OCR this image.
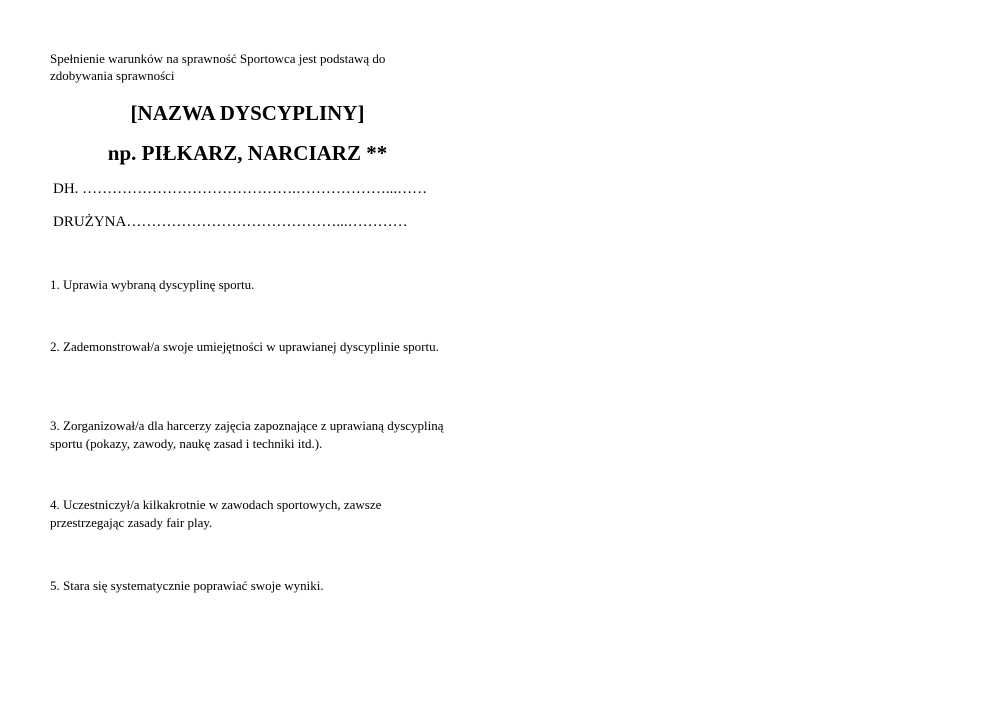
Spełnienie warunków na sprawność Sportowca jest podstawą do zdobywania sprawności
[NAZWA DYSCYPLINY]
np. PIŁKARZ, NARCIARZ **
DH. …………………………………….………………...……
DRUŻYNA……………………………………...…………
1. Uprawia wybraną dyscyplinę sportu.
2. Zademonstrował/a swoje umiejętności w uprawianej dyscyplinie sportu.
3. Zorganizował/a dla harcerzy zajęcia zapoznające z uprawianą dyscypliną sportu (pokazy, zawody, naukę zasad i techniki itd.).
4. Uczestniczył/a kilkakrotnie w zawodach sportowych, zawsze przestrzegając zasady fair play.
5. Stara się systematycznie poprawiać swoje wyniki.
